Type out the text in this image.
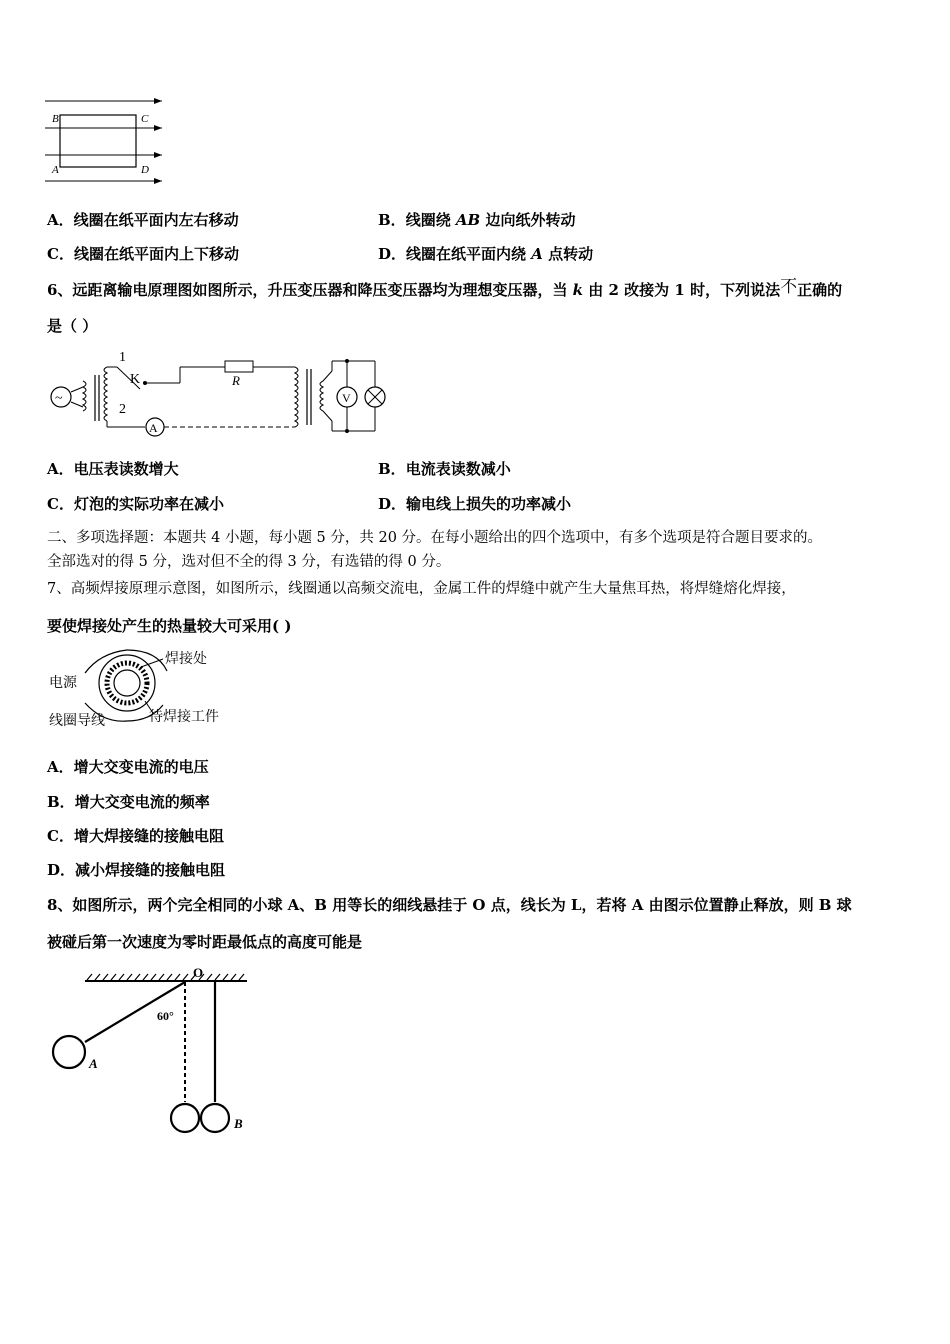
B	C
A	D
A．线圈在纸平面内左右移动	B．线圈绕 AB 边向纸外转动
C．线圈在纸平面内上下移动	D．线圈在纸平面内绕 A 点转动
6、远距离输电原理图如图所示，升压变压器和降压变压器均为理想变压器，当 k 由 2 改接为 1 时，下列说法不正确的
是（ ）
~
1
K
2
R
A
V
A．电压表读数增大	B．电流表读数减小
C．灯泡的实际功率在减小	D．输电线上损失的功率减小
二、多项选择题：本题共 4 小题，每小题 5 分，共 20 分。在每小题给出的四个选项中，有多个选项是符合题目要求的。
全部选对的得 5 分，选对但不全的得 3 分，有选错的得 0 分。
7、高频焊接原理示意图，如图所示，线圈通以高频交流电，金属工件的焊缝中就产生大量焦耳热，将焊缝熔化焊接，
要使焊接处产生的热量较大可采用( )
电源
焊接处
线圈导线	待焊接工件
A．增大交变电流的电压
B．增大交变电流的频率
C．增大焊接缝的接触电阻
D．减小焊接缝的接触电阻
8、如图所示，两个完全相同的小球 A、B 用等长的细线悬挂于 O 点，线长为 L，若将 A 由图示位置静止释放，则 B 球
被碰后第一次速度为零时距最低点的高度可能是
O
A
60°
B
